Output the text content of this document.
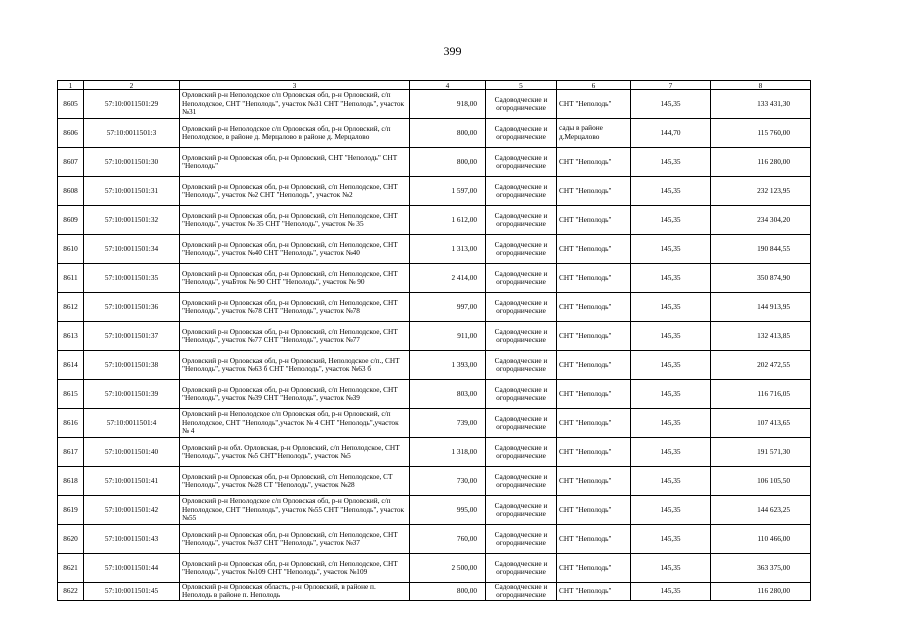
399
1	2	3	4	5	6	7	8
8605	57:10:0011501:29	Орловский р-н Неполодское с/п Орловская обл, р-н Орловский, с/п Неполодское, СНТ "Неполодь", участок №31 СНТ "Неполодь", участок №31	918,00	Садоводческие и огороднические	СНТ "Неполодь"	145,35	133 431,30
8606	57:10:0011501:3	Орловский р-н Неполодское с/п Орловская обл, р-н Орловский, с/п Неполодское, в районе д. Мерцалово в районе д. Мерцалово	800,00	Садоводческие и огороднические	сады в районе д.Мерцалово	144,70	115 760,00
8607	57:10:0011501:30	Орловский р-н Орловская обл, р-н Орловский, СНТ "Неполодь" СНТ "Неполодь"	800,00	Садоводческие и огороднические	СНТ "Неполодь"	145,35	116 280,00
8608	57:10:0011501:31	Орловский р-н Орловская обл, р-н Орловский, с/п Неполодское, СНТ "Неполодь", участок №2 СНТ "Неполодь", участок №2	1 597,00	Садоводческие и огороднические	СНТ "Неполодь"	145,35	232 123,95
8609	57:10:0011501:32	Орловский р-н Орловская обл, р-н Орловский, с/п Неполодское, СНТ "Неполодь", участок № 35 СНТ "Неполодь", участок № 35	1 612,00	Садоводческие и огороднические	СНТ "Неполодь"	145,35	234 304,20
8610	57:10:0011501:34	Орловский р-н Орловская обл, р-н Орловский, с/п Неполодское, СНТ "Неполодь", участок №40 СНТ "Неполодь", участок №40	1 313,00	Садоводческие и огороднические	СНТ "Неполодь"	145,35	190 844,55
8611	57:10:0011501:35	Орловский р-н Орловская обл, р-н Орловский, с/п Неполодское, СНТ "Неполодь", учаБток № 90 СНТ "Неполодь", участок № 90	2 414,00	Садоводческие и огороднические	СНТ "Неполодь"	145,35	350 874,90
8612	57:10:0011501:36	Орловский р-н Орловская обл, р-н Орловский, с/п Неполодское, СНТ "Неполодь", участок №78 СНТ "Неполодь", участок №78	997,00	Садоводческие и огороднические	СНТ "Неполодь"	145,35	144 913,95
8613	57:10:0011501:37	Орловский р-н Орловская обл, р-н Орловский, с/п Неполодское, СНТ "Неполодь", участок №77 СНТ "Неполодь", участок №77	911,00	Садоводческие и огороднические	СНТ "Неполодь"	145,35	132 413,85
8614	57:10:0011501:38	Орловский р-н Орловская обл, р-н Орловский, Неполодское с/п., СНТ "Неполодь", участок №63 б СНТ "Неполодь", участок №63 б	1 393,00	Садоводческие и огороднические	СНТ "Неполодь"	145,35	202 472,55
8615	57:10:0011501:39	Орловский р-н Орловская обл, р-н Орловский, с/п Неполодское, СНТ "Неполодь", участок №39 СНТ "Неполодь", участок №39	803,00	Садоводческие и огороднические	СНТ "Неполодь"	145,35	116 716,05
8616	57:10:0011501:4	Орловский р-н Неполодское с/п Орловская обл, р-н Орловский, с/п Неполодское, СНТ "Неполодь",участок № 4 СНТ "Неполодь",участок № 4	739,00	Садоводческие и огороднические	СНТ "Неполодь"	145,35	107 413,65
8617	57:10:0011501:40	Орловский р-н обл. Орловская, р-н Орловский, с/п Неполодское, СНТ "Неполодь", участок №5 СНТ"Неполодь", участок №5	1 318,00	Садоводческие и огороднические	СНТ "Неполодь"	145,35	191 571,30
8618	57:10:0011501:41	Орловский р-н Орловская обл, р-н Орловский, с/п Неполодское, СТ "Неполодь", участок №28 СТ "Неполодь", участок №28	730,00	Садоводческие и огороднические	СНТ "Неполодь"	145,35	106 105,50
8619	57:10:0011501:42	Орловский р-н Неполодское с/п Орловская обл, р-н Орловский, с/п Неполодское, СНТ "Неполодь", участок №55 СНТ "Неполодь", участок №55	995,00	Садоводческие и огороднические	СНТ "Неполодь"	145,35	144 623,25
8620	57:10:0011501:43	Орловский р-н Орловская обл, р-н Орловский, с/п Неполодское, СНТ "Неполодь", участок №37 СНТ "Неполодь", участок №37	760,00	Садоводческие и огороднические	СНТ "Неполодь"	145,35	110 466,00
8621	57:10:0011501:44	Орловский р-н Орловская обл, р-н Орловский, с/п Неполодское, СНТ "Неполодь", участок №109 СНТ "Неполодь", участок №109	2 500,00	Садоводческие и огороднические	СНТ "Неполодь"	145,35	363 375,00
8622	57:10:0011501:45	Орловский р-н Орловская область, р-н Орловский, в районе п. Неполодь в районе п. Неполодь	800,00	Садоводческие и огороднические	СНТ "Неполодь"	145,35	116 280,00
